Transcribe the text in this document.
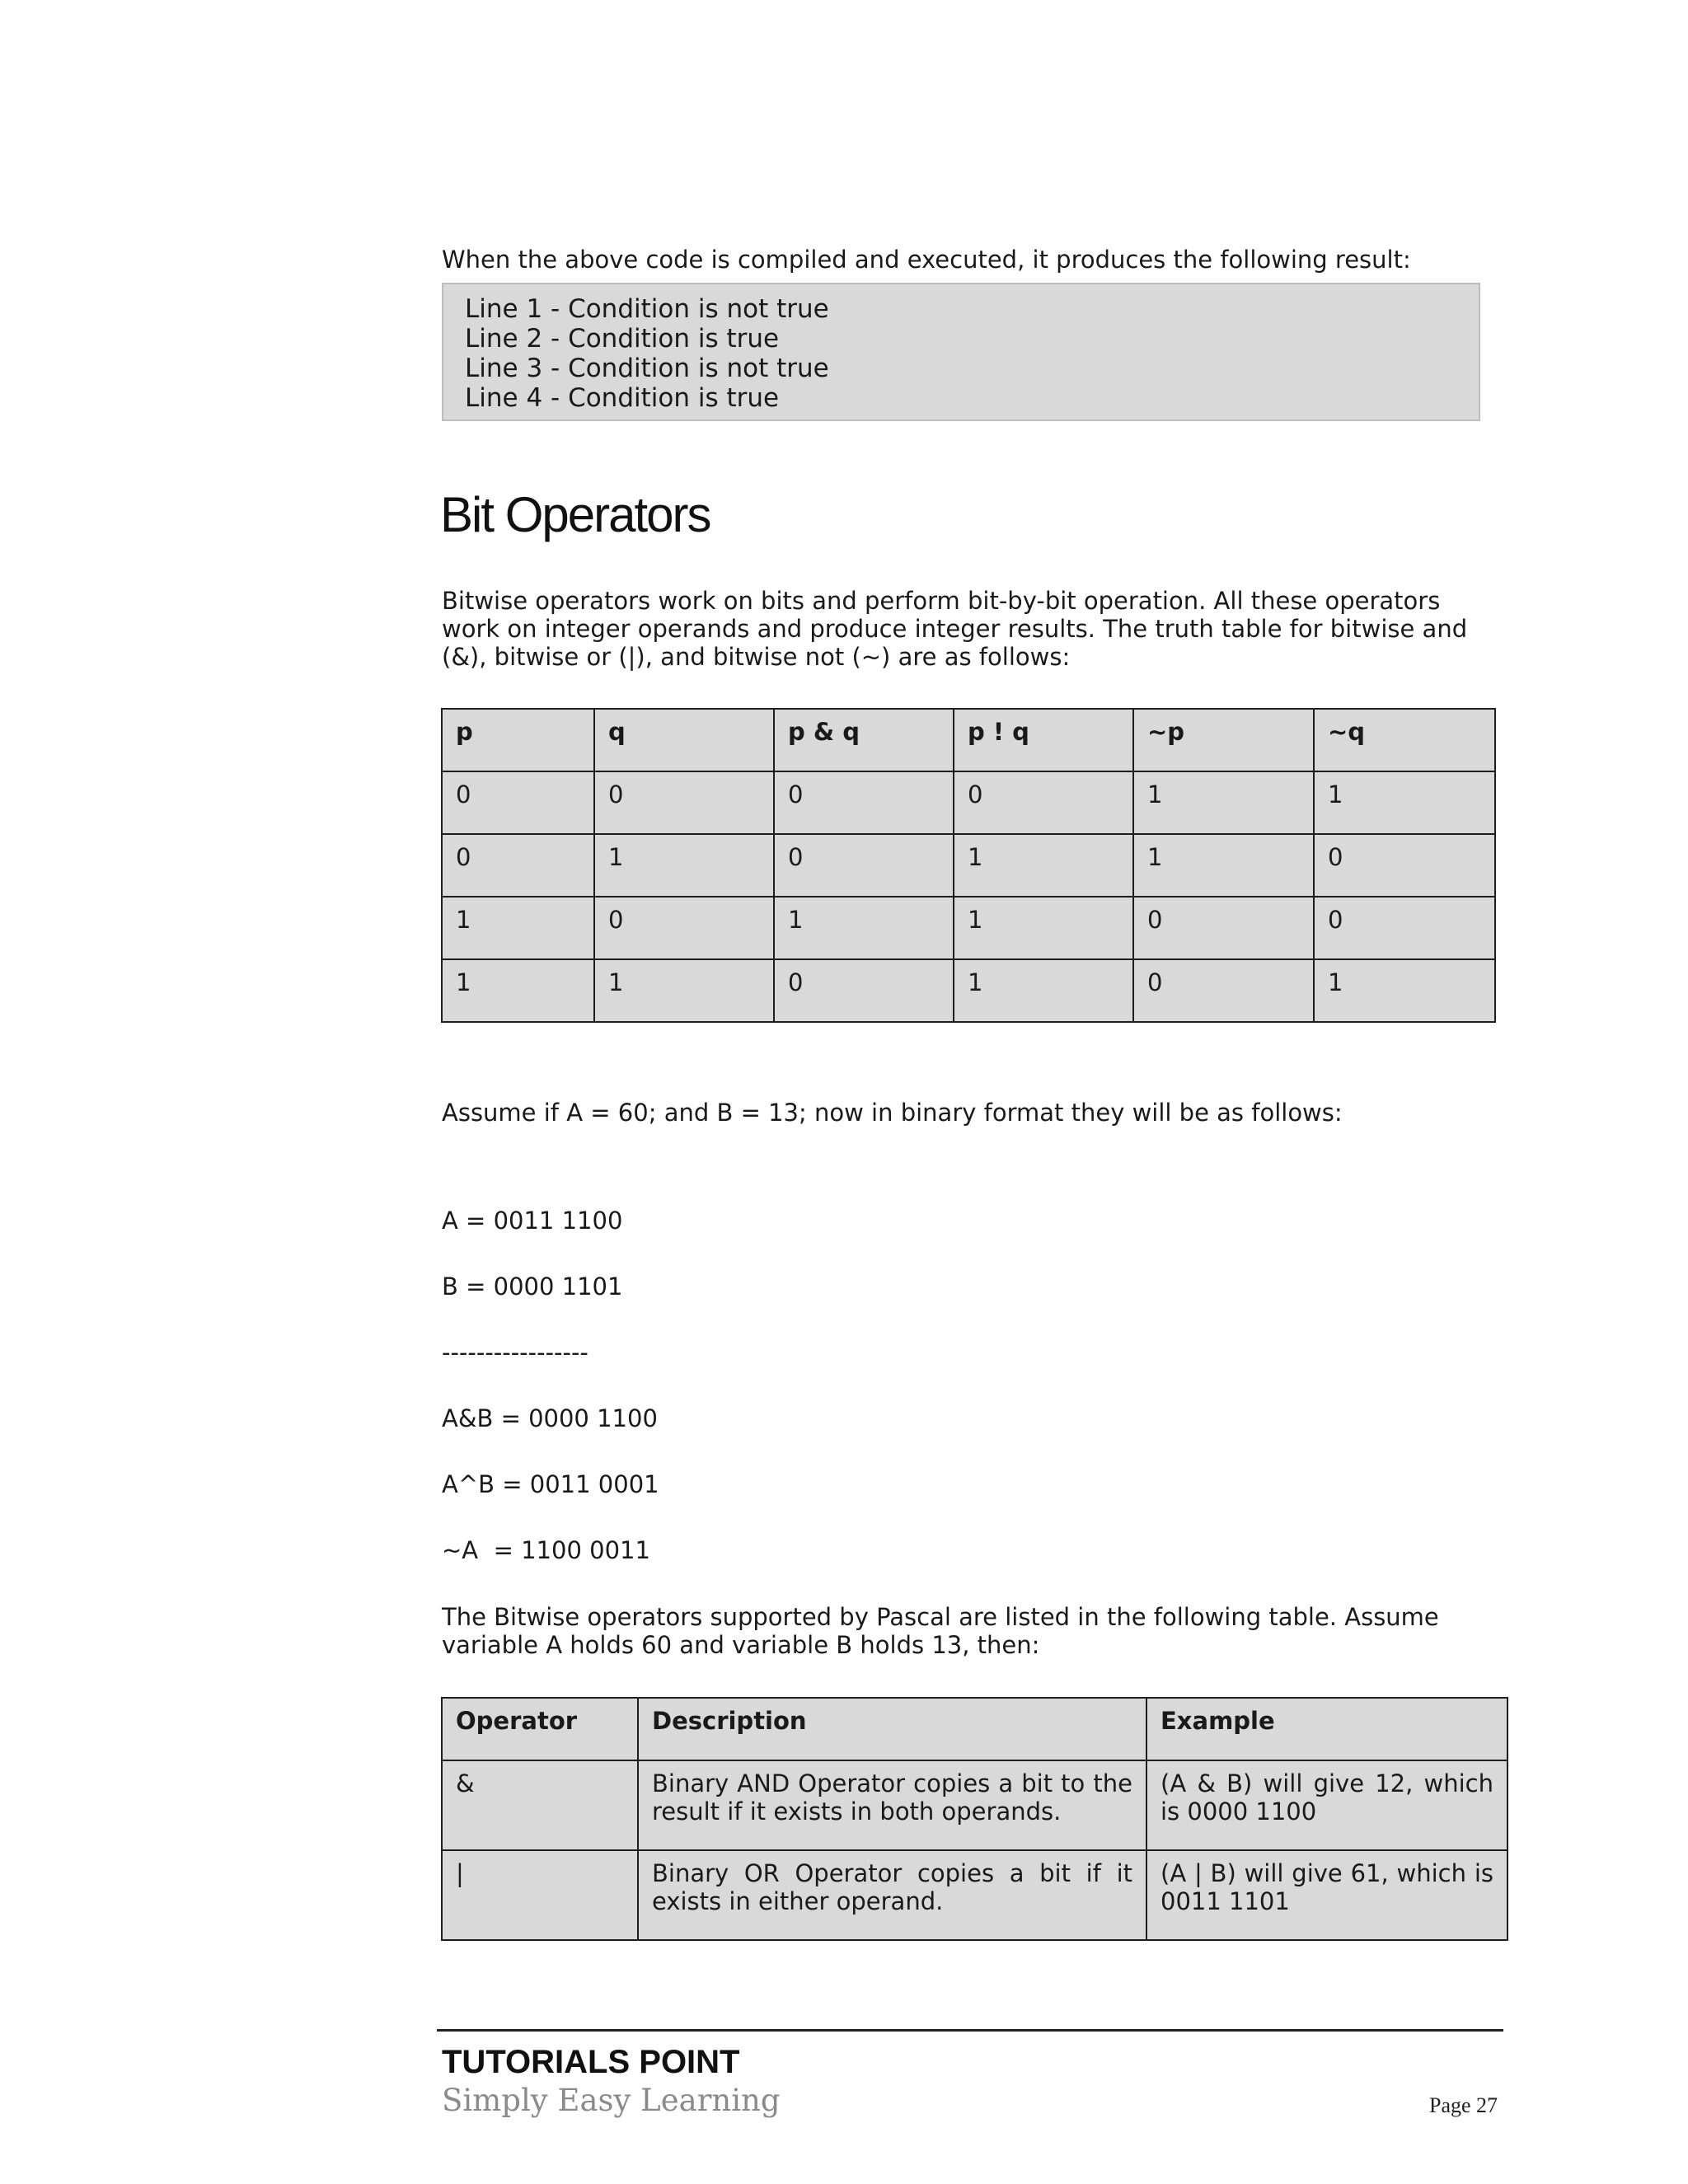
When the above code is compiled and executed, it produces the following result:

Line 1 - Condition is not true
Line 2 - Condition is true
Line 3 - Condition is not true
Line 4 - Condition is true
Bit Operators

Bitwise operators work on bits and perform bit-by-bit operation. All these operators work on integer operands and produce integer results. The truth table for bitwise and (&), bitwise or (|), and bitwise not (~) are as follows:

p	q	p & q	p ! q	~p	~q
0	0	0	0	1	1
0	1	0	1	1	0
1	0	1	1	0	0
1	1	0	1	0	1

Assume if A = 60; and B = 13; now in binary format they will be as follows:

A = 0011 1100

B = 0000 1101

-----------------

A&B = 0000 1100

A^B = 0011 0001

~A  = 1100 0011

The Bitwise operators supported by Pascal are listed in the following table. Assume variable A holds 60 and variable B holds 13, then:

Operator	Description	Example
&	Binary AND Operator copies a bit to the result if it exists in both operands.	(A & B) will give 12, which is 0000 1100
|	Binary OR Operator copies a bit if it exists in either operand.	(A | B) will give 61, which is 0011 1101
TUTORIALS POINT
Simply Easy Learning	Page 27
